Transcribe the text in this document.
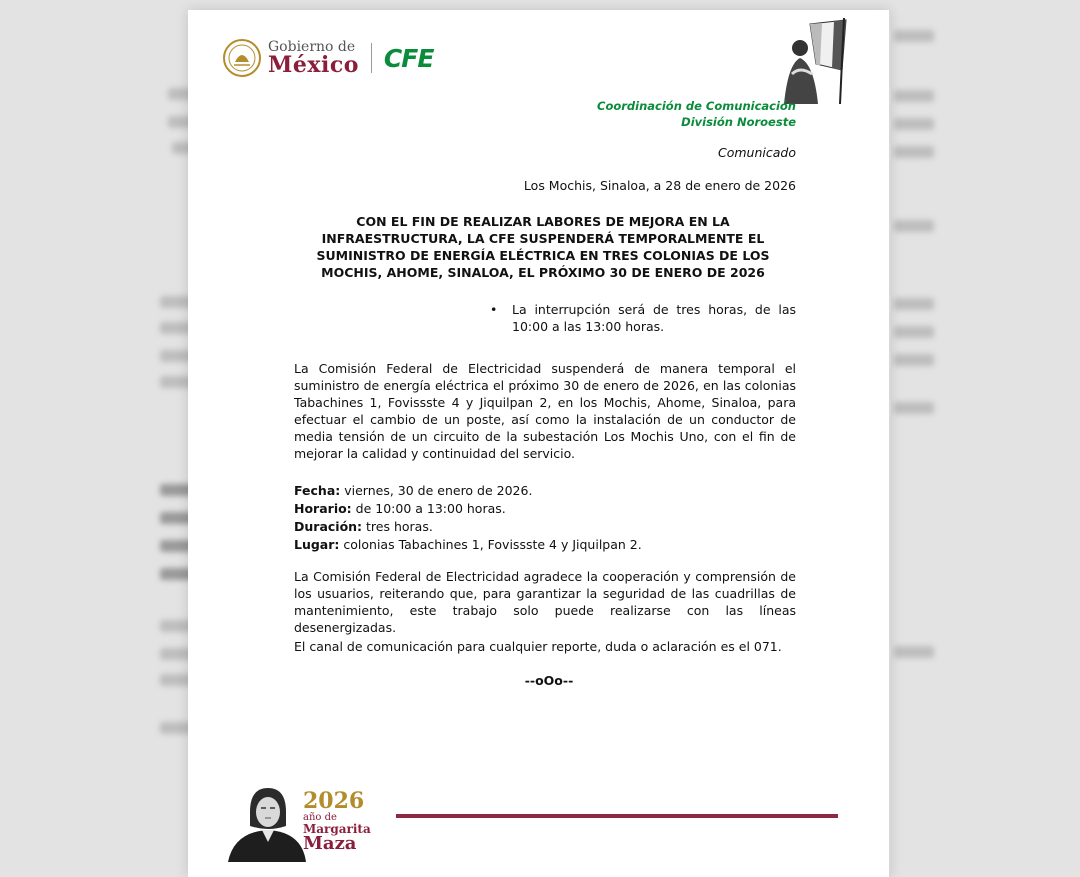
Gobierno de
México CFE
Coordinación de Comunicación
División Noroeste
Comunicado
Los Mochis, Sinaloa, a 28 de enero de 2026
CON EL FIN DE REALIZAR LABORES DE MEJORA EN LA INFRAESTRUCTURA, LA CFE SUSPENDERÁ TEMPORALMENTE EL SUMINISTRO DE ENERGÍA ELÉCTRICA EN TRES COLONIAS DE LOS MOCHIS, AHOME, SINALOA, EL PRÓXIMO 30 DE ENERO DE 2026
• La interrupción será de tres horas, de las 10:00 a las 13:00 horas.
La Comisión Federal de Electricidad suspenderá de manera temporal el suministro de energía eléctrica el próximo 30 de enero de 2026, en las colonias Tabachines 1, Fovissste 4 y Jiquilpan 2, en los Mochis, Ahome, Sinaloa, para efectuar el cambio de un poste, así como la instalación de un conductor de media tensión de un circuito de la subestación Los Mochis Uno, con el fin de mejorar la calidad y continuidad del servicio.
Fecha: viernes, 30 de enero de 2026.
Horario: de 10:00 a 13:00 horas.
Duración: tres horas.
Lugar: colonias Tabachines 1, Fovissste 4 y Jiquilpan 2.
La Comisión Federal de Electricidad agradece la cooperación y comprensión de los usuarios, reiterando que, para garantizar la seguridad de las cuadrillas de mantenimiento, este trabajo solo puede realizarse con las líneas desenergizadas.
El canal de comunicación para cualquier reporte, duda o aclaración es el 071.
--oOo--
2026
año de
Margarita
Maza
